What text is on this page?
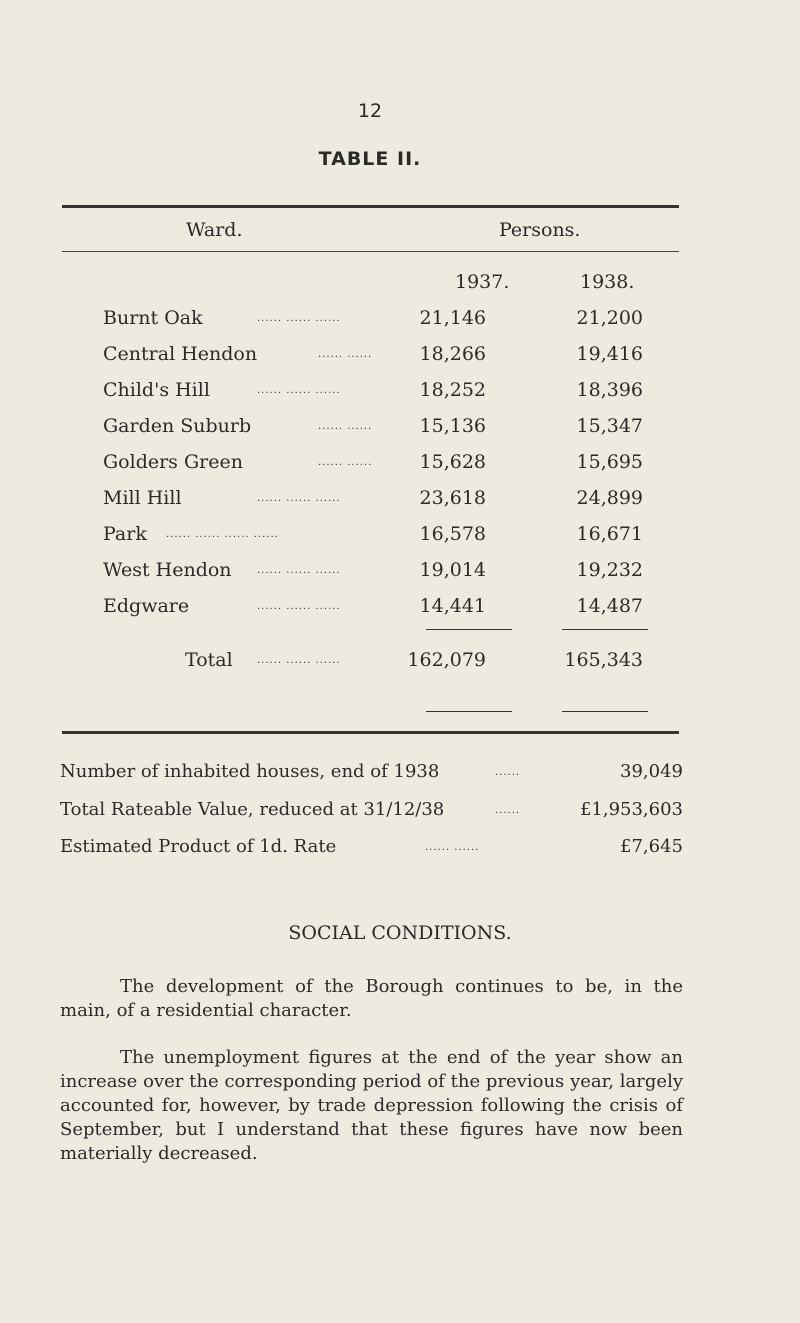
12
TABLE II.
Ward.	Persons.
1937.	1938.
Burnt Oak	...... ...... ......	21,146	21,200
Central Hendon	...... ...... 18,266	19,416
Child's Hill	...... ...... ......	18,252	18,396
Garden Suburb	...... ...... 15,136	15,347
Golders Green	...... ...... 15,628	15,695
Mill Hill	...... ...... ......	23,618	24,899
Park ...... ...... ...... ......	16,578	16,671
West Hendon	...... ...... ......	19,014	19,232
Edgware	...... ...... ......	14,441	14,487
Total ...... ...... ......	162,079	165,343
Number of inhabited houses, end of 1938	......	39,049
Total Rateable Value, reduced at 31/12/38	......	£1,953,603
Estimated Product of 1d. Rate	...... ......	£7,645
SOCIAL CONDITIONS.
The development of the Borough continues to be, in the main, of a residential character.
The unemployment figures at the end of the year show an increase over the corresponding period of the previous year, largely accounted for, however, by trade depression following the crisis of September, but I understand that these figures have now been materially decreased.
